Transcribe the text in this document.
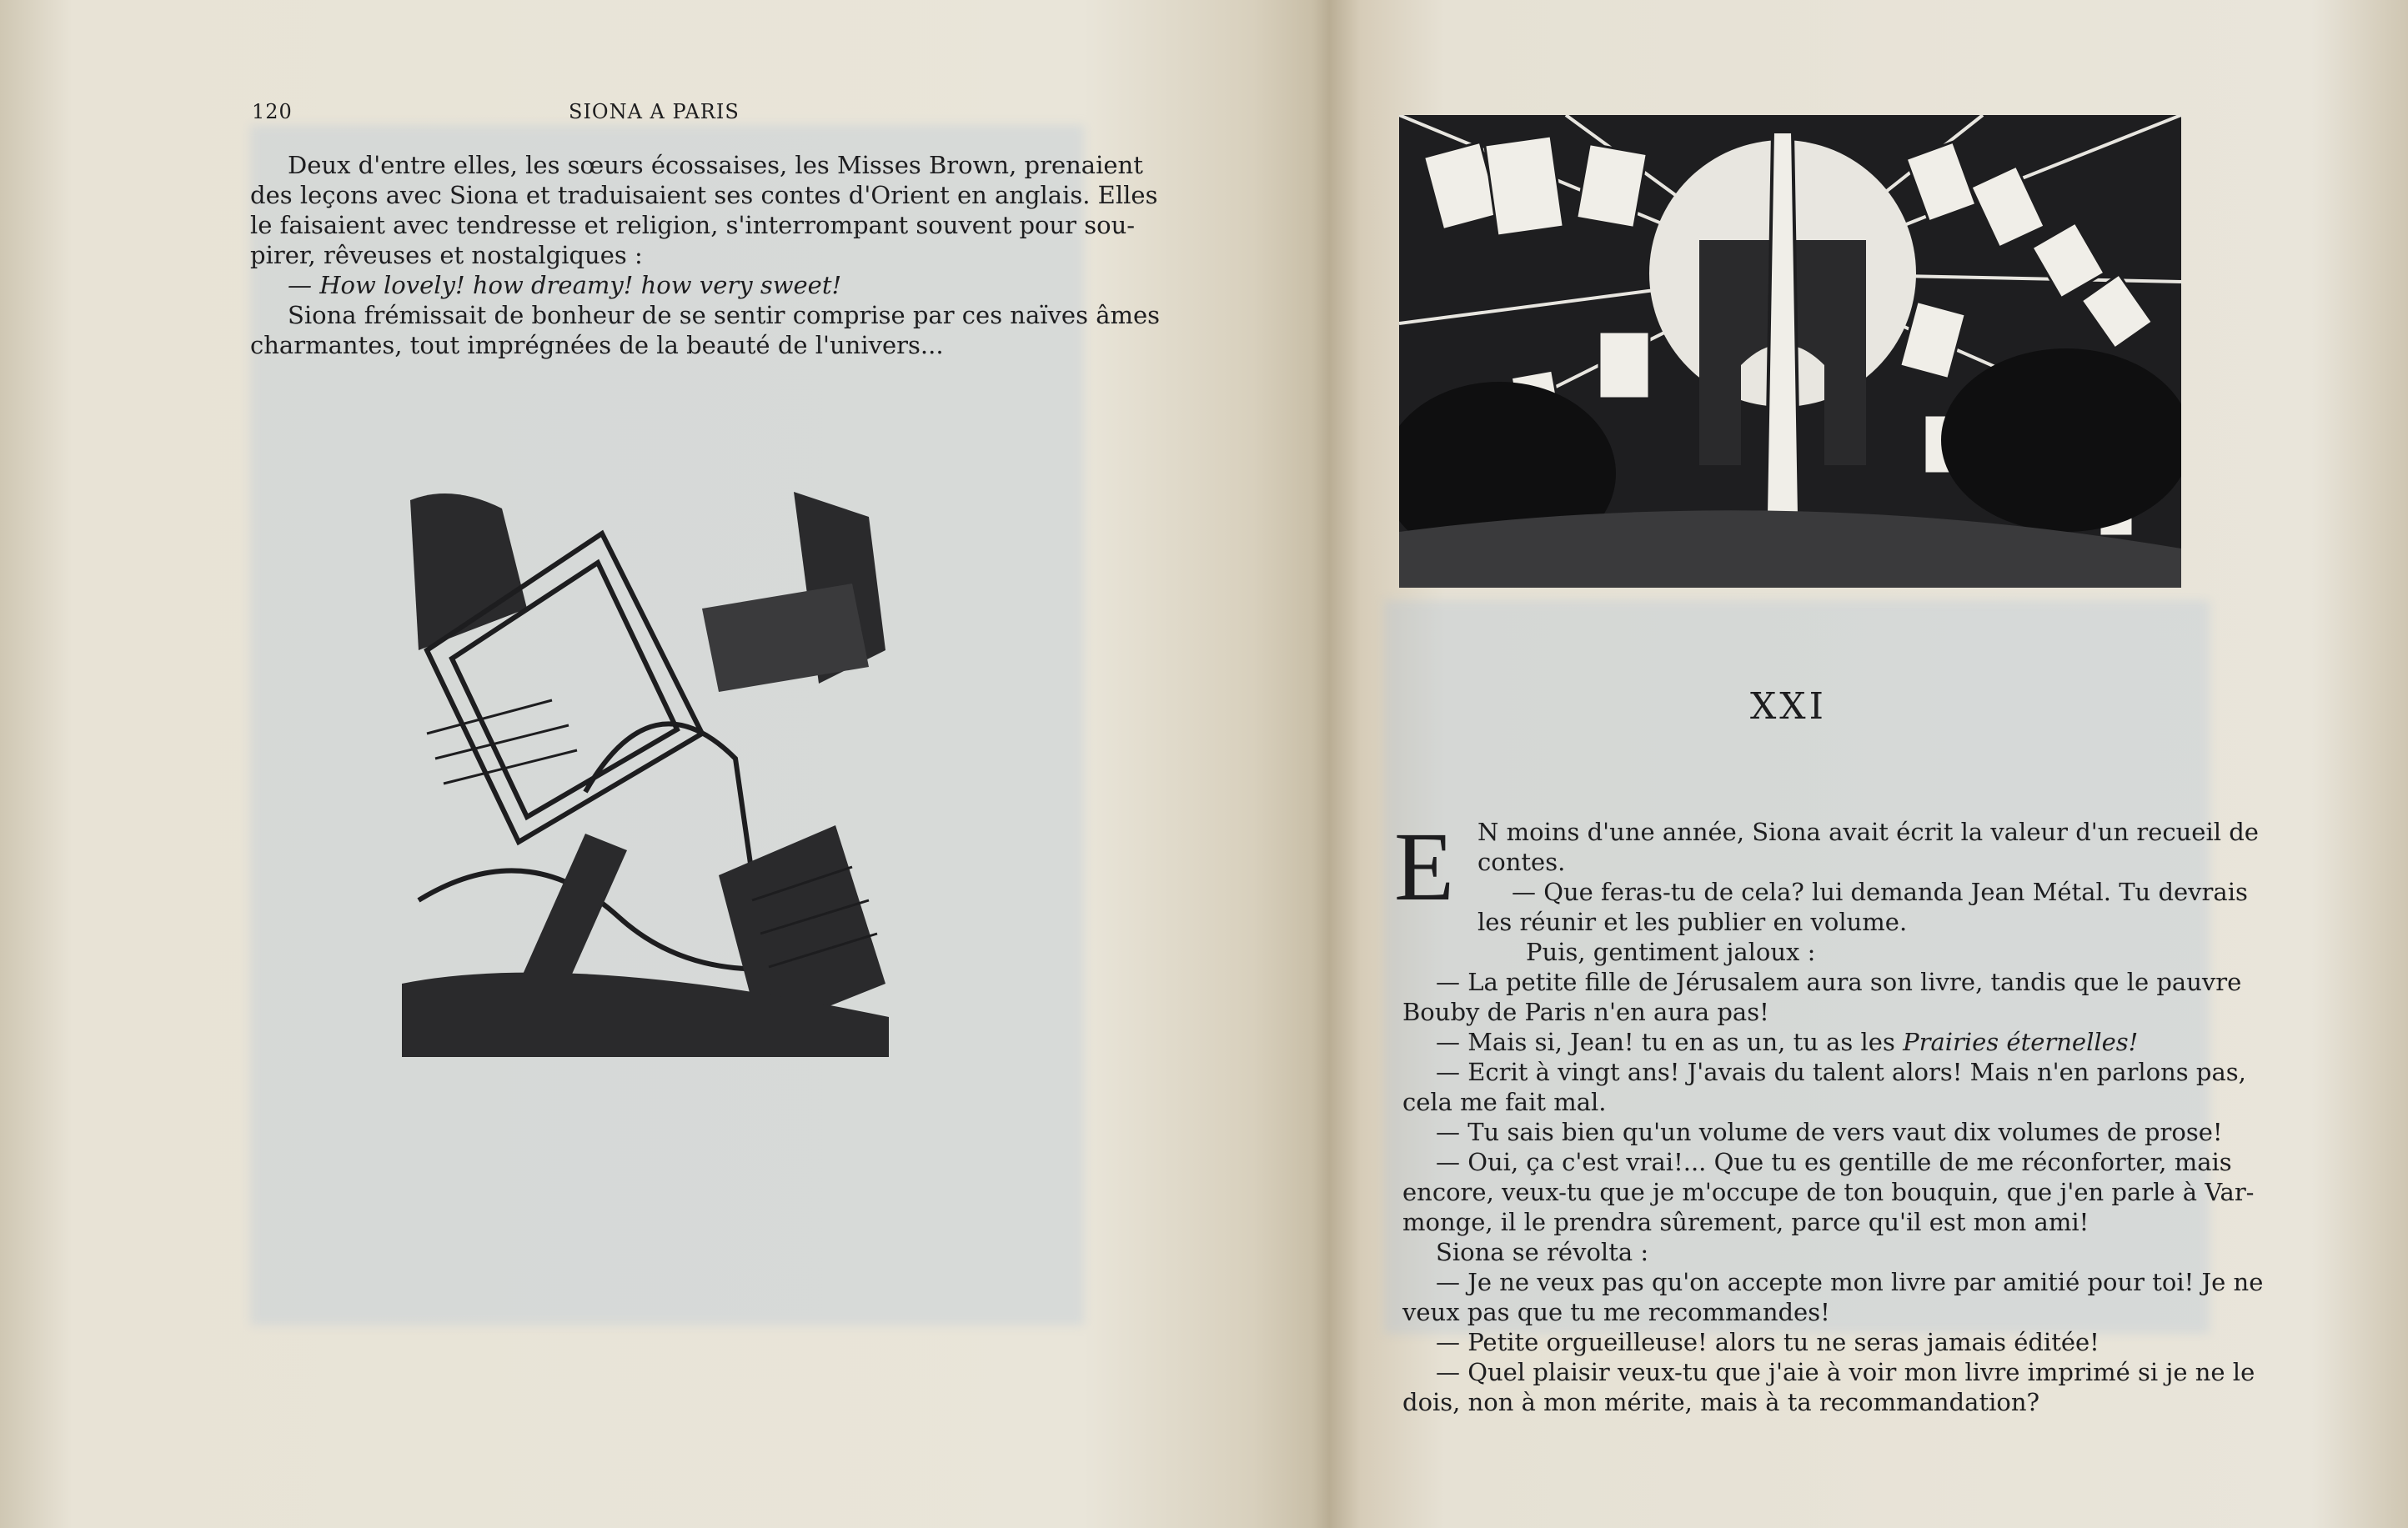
120	SIONA A PARIS
Deux d'entre elles, les sœurs écossaises, les Misses Brown, prenaient
des leçons avec Siona et traduisaient ses contes d'Orient en anglais. Elles
le faisaient avec tendresse et religion, s'interrompant souvent pour sou-
pirer, rêveuses et nostalgiques :
— How lovely! how dreamy! how very sweet!
Siona frémissait de bonheur de se sentir comprise par ces naïves âmes
charmantes, tout imprégnées de la beauté de l'univers...
XXI
E N moins d'une année, Siona avait écrit la valeur d'un recueil de
contes.
— Que feras-tu de cela? lui demanda Jean Métal. Tu devrais
les réunir et les publier en volume.
Puis, gentiment jaloux :
— La petite fille de Jérusalem aura son livre, tandis que le pauvre
Bouby de Paris n'en aura pas!
— Mais si, Jean! tu en as un, tu as les Prairies éternelles!
— Ecrit à vingt ans! J'avais du talent alors! Mais n'en parlons pas,
cela me fait mal.
— Tu sais bien qu'un volume de vers vaut dix volumes de prose!
— Oui, ça c'est vrai!... Que tu es gentille de me réconforter, mais
encore, veux-tu que je m'occupe de ton bouquin, que j'en parle à Var-
monge, il le prendra sûrement, parce qu'il est mon ami!
Siona se révolta :
— Je ne veux pas qu'on accepte mon livre par amitié pour toi! Je ne
veux pas que tu me recommandes!
— Petite orgueilleuse! alors tu ne seras jamais éditée!
— Quel plaisir veux-tu que j'aie à voir mon livre imprimé si je ne le
dois, non à mon mérite, mais à ta recommandation?
